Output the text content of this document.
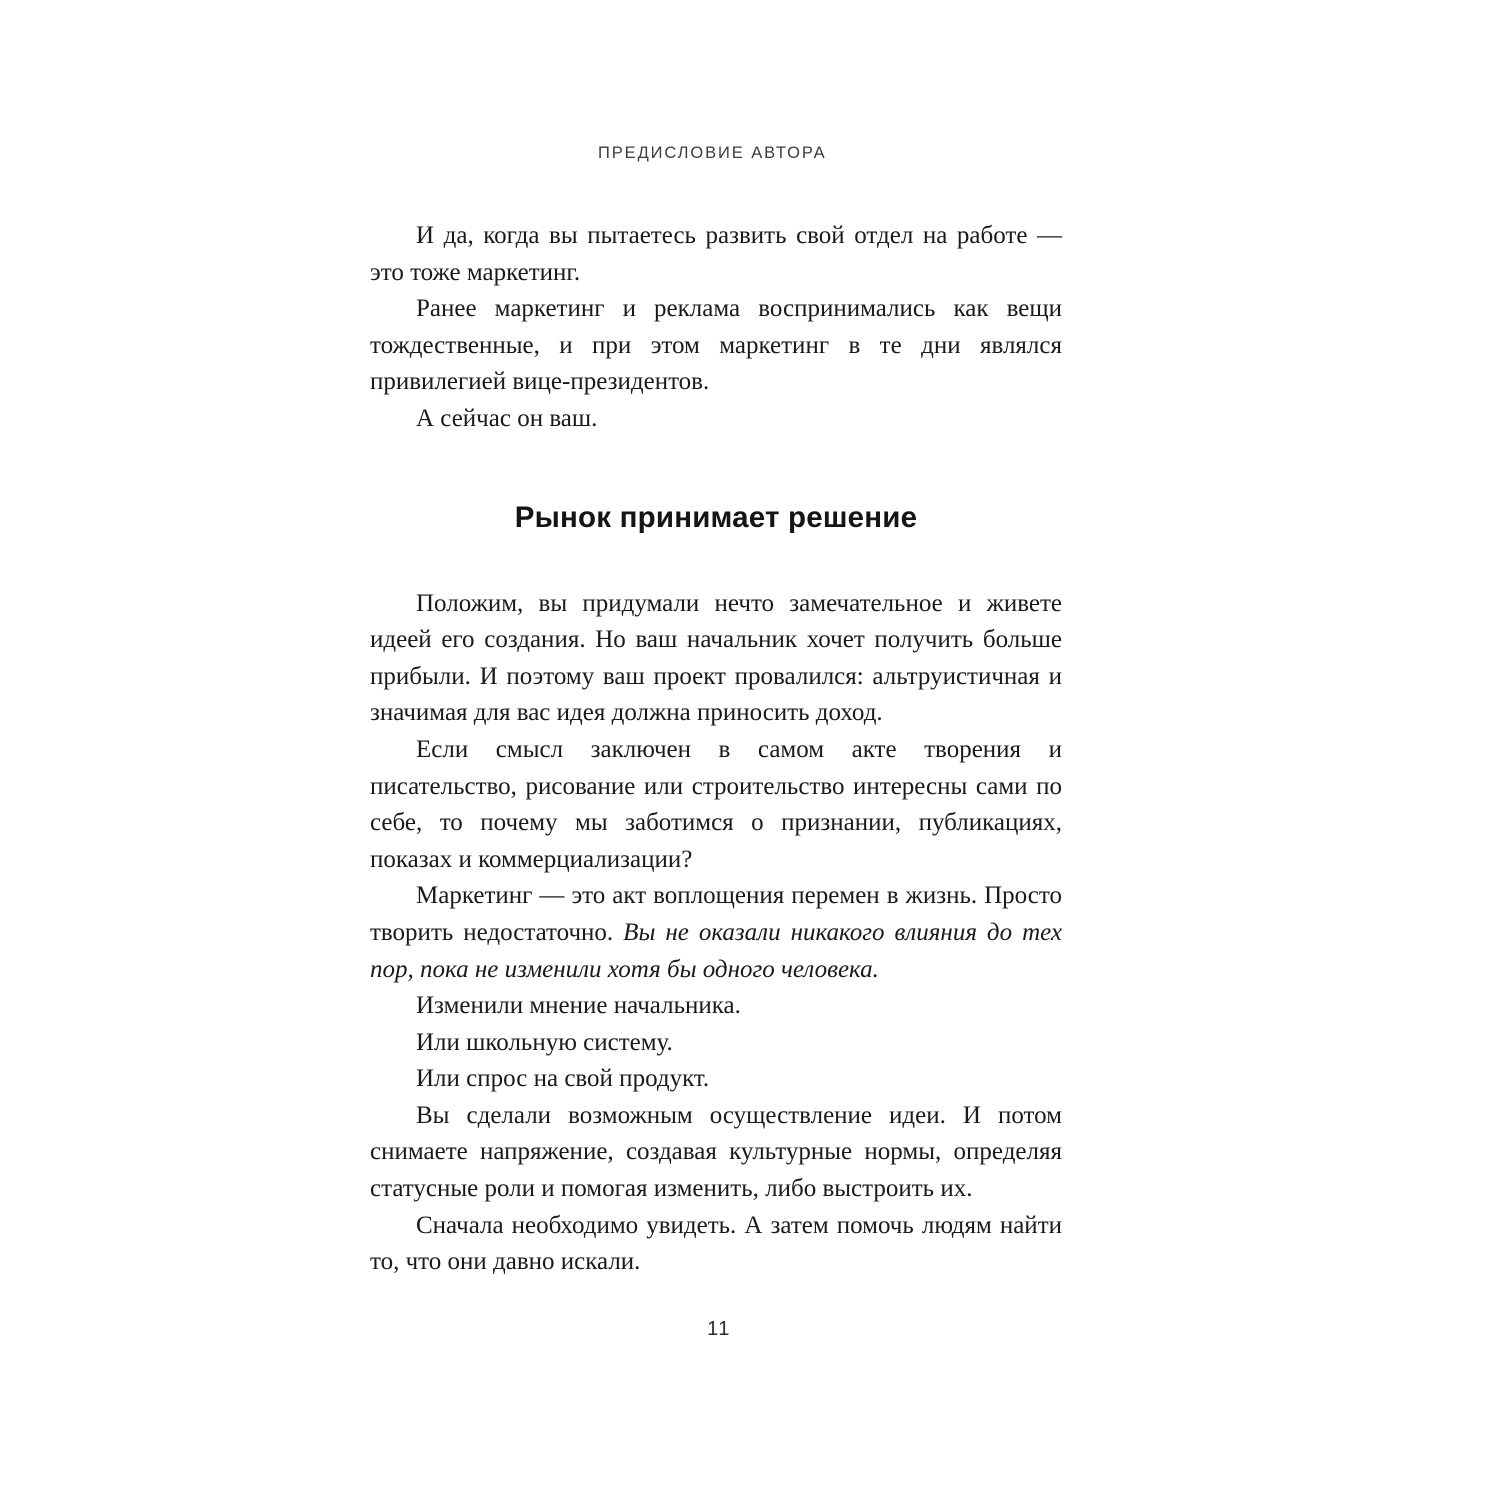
ПРЕДИСЛОВИЕ АВТОРА

И да, когда вы пытаетесь развить свой отдел на работе — это тоже маркетинг.

Ранее маркетинг и реклама воспринимались как вещи тождественные, и при этом маркетинг в те дни являлся привилегией вице-президентов.

А сейчас он ваш.

Рынок принимает решение

Положим, вы придумали нечто замечательное и живете идеей его создания. Но ваш начальник хочет получить больше прибыли. И поэтому ваш проект провалился: альтруистичная и значимая для вас идея должна приносить доход.

Если смысл заключен в самом акте творения и писательство, рисование или строительство интересны сами по себе, то почему мы заботимся о признании, публикациях, показах и коммерциализации?

Маркетинг — это акт воплощения перемен в жизнь. Просто творить недостаточно. Вы не оказали никакого влияния до тех пор, пока не изменили хотя бы одного человека.

Изменили мнение начальника.

Или школьную систему.

Или спрос на свой продукт.

Вы сделали возможным осуществление идеи. И потом снимаете напряжение, создавая культурные нормы, определяя статусные роли и помогая изменить, либо выстроить их.

Сначала необходимо увидеть. А затем помочь людям найти то, что они давно искали.

11
